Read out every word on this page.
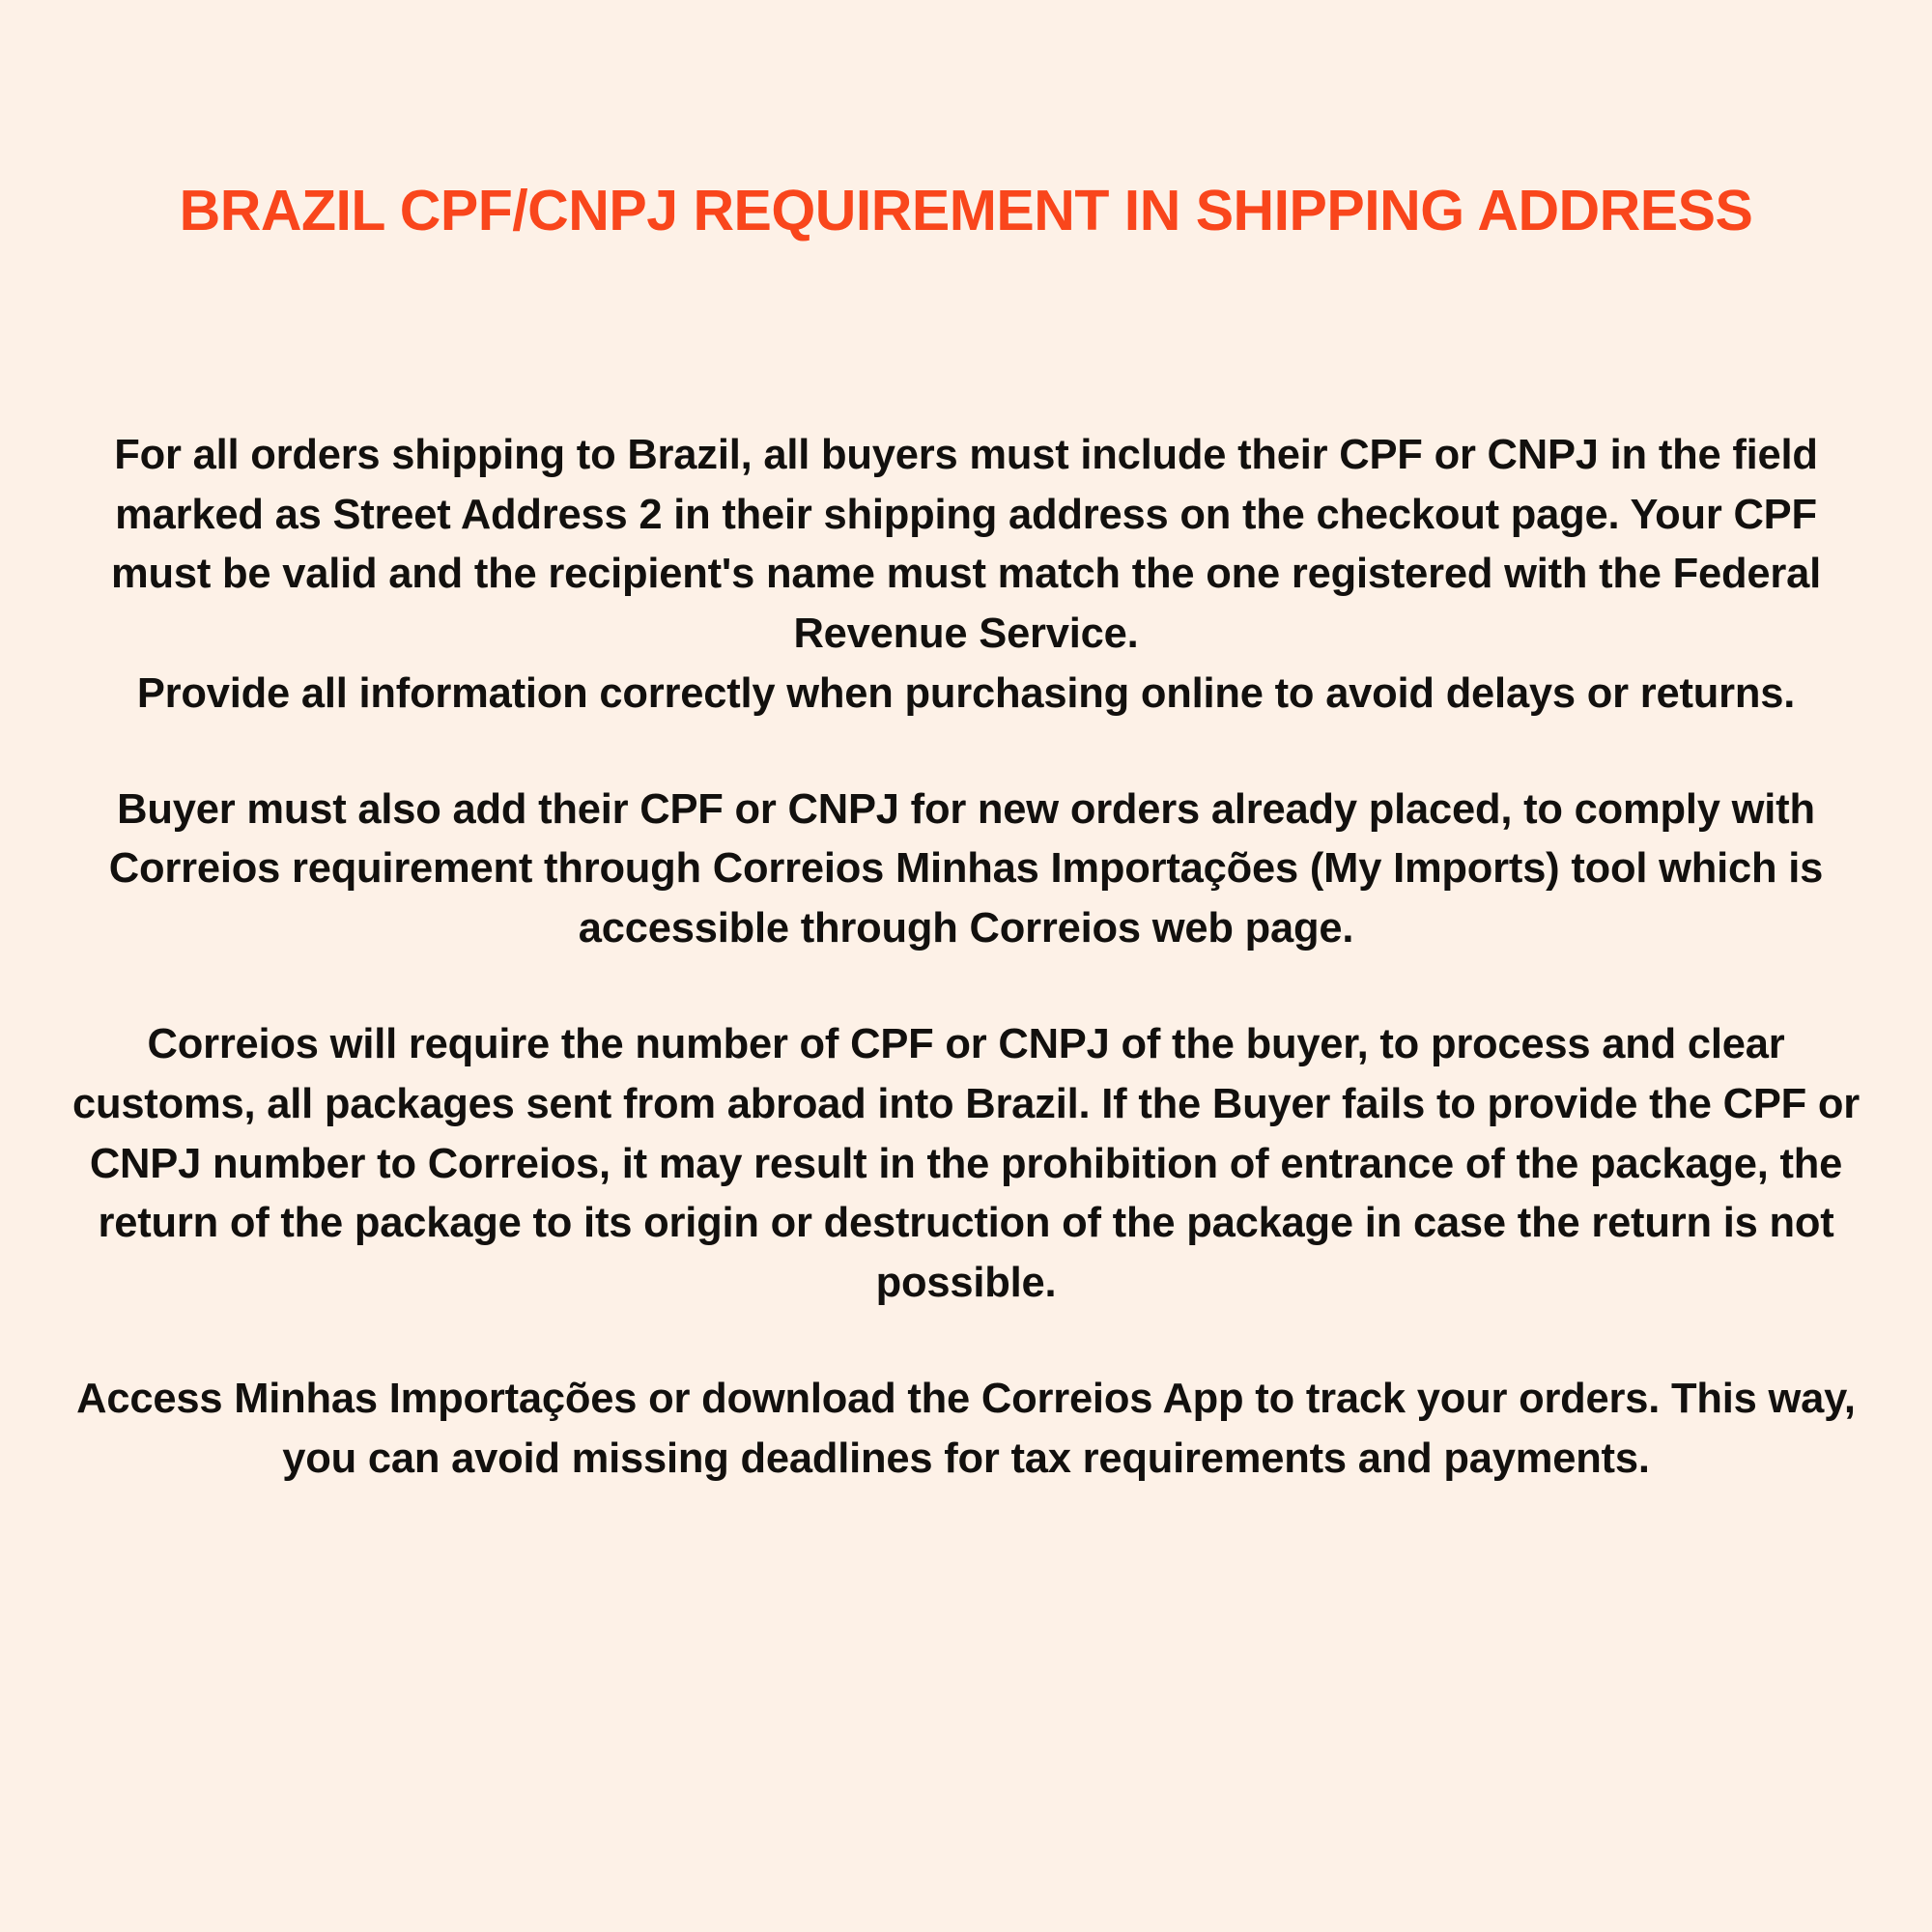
BRAZIL CPF/CNPJ REQUIREMENT IN SHIPPING ADDRESS

For all orders shipping to Brazil, all buyers must include their CPF or CNPJ in the field marked as Street Address 2 in their shipping address on the checkout page. Your CPF must be valid and the recipient's name must match the one registered with the Federal Revenue Service.

Provide all information correctly when purchasing online to avoid delays or returns.

Buyer must also add their CPF or CNPJ for new orders already placed, to comply with Correios requirement through Correios Minhas Importações (My Imports) tool which is accessible through Correios web page.

Correios will require the number of CPF or CNPJ of the buyer, to process and clear customs, all packages sent from abroad into Brazil. If the Buyer fails to provide the CPF or CNPJ number to Correios, it may result in the prohibition of entrance of the package, the return of the package to its origin or destruction of the package in case the return is not possible.

Access Minhas Importações or download the Correios App to track your orders. This way, you can avoid missing deadlines for tax requirements and payments.
